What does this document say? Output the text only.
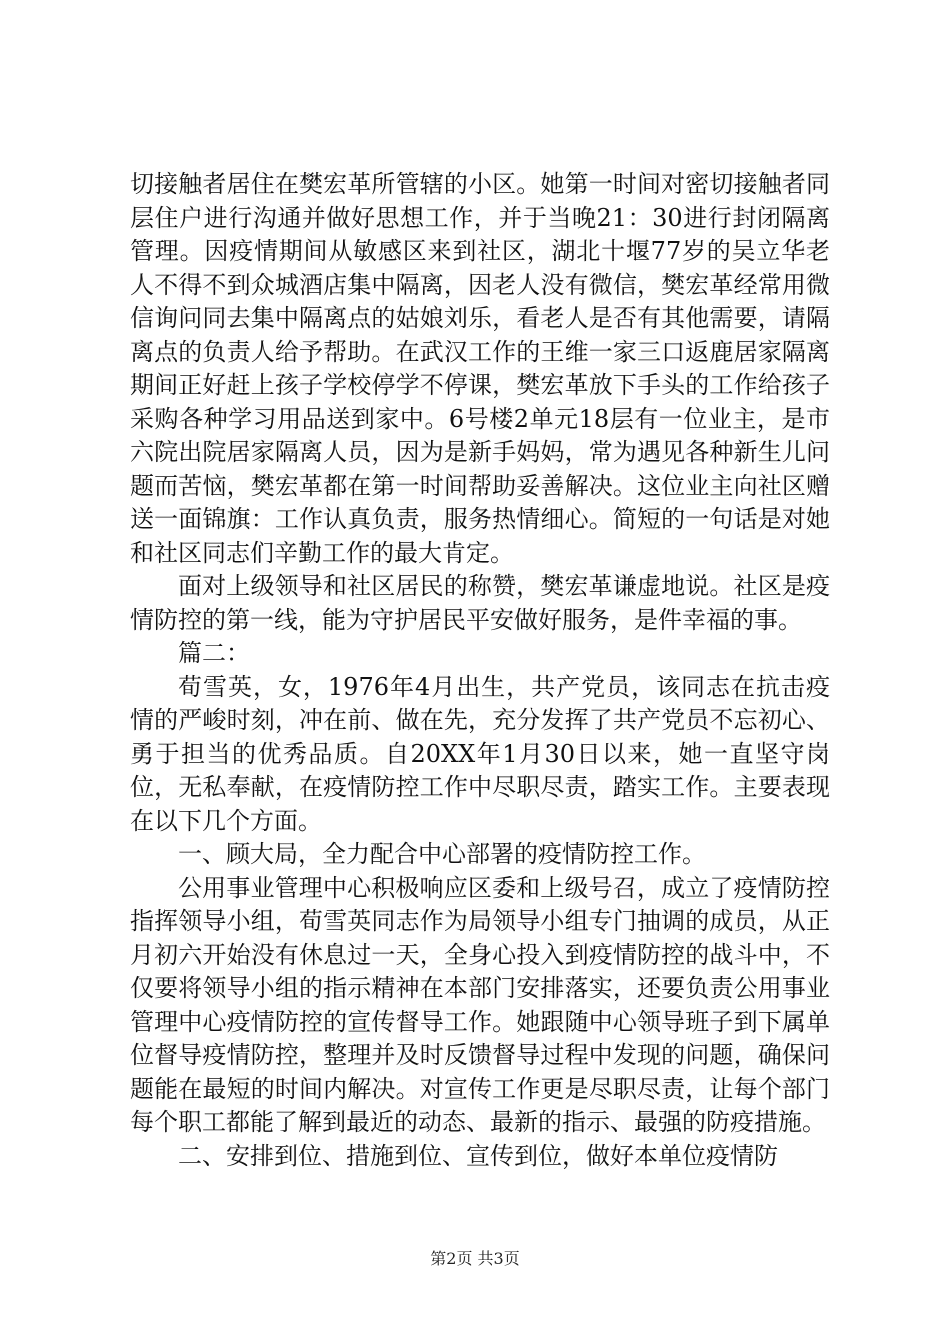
切接触者居住在樊宏革所管辖的小区。她第一时间对密切接触者同层住户进行沟通并做好思想工作，并于当晚21：30进行封闭隔离管理。因疫情期间从敏感区来到社区，湖北十堰77岁的吴立华老人不得不到众城酒店集中隔离，因老人没有微信，樊宏革经常用微信询问同去集中隔离点的姑娘刘乐，看老人是否有其他需要，请隔离点的负责人给予帮助。在武汉工作的王维一家三口返鹿居家隔离期间正好赶上孩子学校停学不停课，樊宏革放下手头的工作给孩子采购各种学习用品送到家中。6号楼2单元18层有一位业主，是市六院出院居家隔离人员，因为是新手妈妈，常为遇见各种新生儿问题而苦恼，樊宏革都在第一时间帮助妥善解决。这位业主向社区赠送一面锦旗：工作认真负责，服务热情细心。简短的一句话是对她和社区同志们辛勤工作的最大肯定。

面对上级领导和社区居民的称赞，樊宏革谦虚地说。社区是疫情防控的第一线，能为守护居民平安做好服务，是件幸福的事。

篇二：

荀雪英，女，1976年4月出生，共产党员，该同志在抗击疫情的严峻时刻，冲在前、做在先，充分发挥了共产党员不忘初心、勇于担当的优秀品质。自20XX年1月30日以来，她一直坚守岗位，无私奉献，在疫情防控工作中尽职尽责，踏实工作。主要表现在以下几个方面。

一、顾大局，全力配合中心部署的疫情防控工作。

公用事业管理中心积极响应区委和上级号召，成立了疫情防控指挥领导小组，荀雪英同志作为局领导小组专门抽调的成员，从正月初六开始没有休息过一天，全身心投入到疫情防控的战斗中，不仅要将领导小组的指示精神在本部门安排落实，还要负责公用事业管理中心疫情防控的宣传督导工作。她跟随中心领导班子到下属单位督导疫情防控，整理并及时反馈督导过程中发现的问题，确保问题能在最短的时间内解决。对宣传工作更是尽职尽责，让每个部门每个职工都能了解到最近的动态、最新的指示、最强的防疫措施。

二、安排到位、措施到位、宣传到位，做好本单位疫情防

第2页 共3页
